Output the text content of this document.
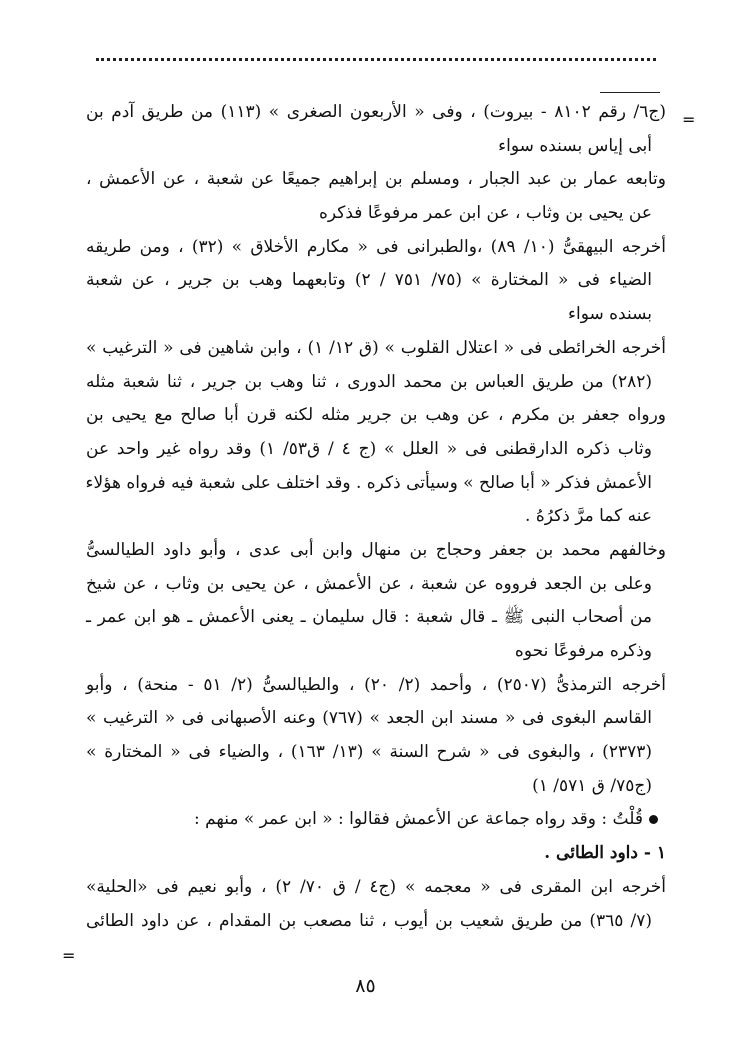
=
=
(ج٦/ رقم ٨١٠٢ - بيروت) ، وفى « الأربعون الصغرى » (١١٣) من طريق آدم بن
أبى إياس بسنده سواء
وتابعه عمار بن عبد الجبار ، ومسلم بن إبراهيم جميعًا عن شعبة ، عن الأعمش ،
عن يحيى بن وثاب ، عن ابن عمر مرفوعًا فذكره
أخرجه البيهقىُّ (١٠/ ٨٩) ،والطبرانى فى « مكارم الأخلاق » (٣٢) ، ومن طريقه
الضياء فى « المختارة » (٧٥/ ٧٥١ / ٢) وتابعهما وهب بن جرير ، عن شعبة
بسنده سواء
أخرجه الخرائطى فى « اعتلال القلوب » (ق ١٢/ ١) ، وابن شاهين فى « الترغيب »
(٢٨٢) من طريق العباس بن محمد الدورى ، ثنا وهب بن جرير ، ثنا شعبة مثله
ورواه جعفر بن مكرم ، عن وهب بن جرير مثله لكنه قرن أبا صالح مع يحيى بن
وثاب ذكره الدارقطنى فى « العلل » (ج ٤ / ق٥٣/ ١) وقد رواه غير واحد عن
الأعمش فذكر « أبا صالح » وسيأتى ذكره . وقد اختلف على شعبة فيه فرواه هؤلاء
عنه كما مرَّ ذكرُهُ .
وخالفهم محمد بن جعفر وحجاج بن منهال وابن أبى عدى ، وأبو داود الطيالسىُّ
وعلى بن الجعد فرووه عن شعبة ، عن الأعمش ، عن يحيى بن وثاب ، عن شيخ
من أصحاب النبى ﷺ ـ قال شعبة : قال سليمان ـ يعنى الأعمش ـ هو ابن عمر ـ
وذكره مرفوعًا نحوه
أخرجه الترمذىُّ (٢٥٠٧) ، وأحمد (٢/ ٢٠) ، والطيالسىُّ (٢/ ٥١ - منحة) ، وأبو
القاسم البغوى فى « مسند ابن الجعد » (٧٦٧) وعنه الأصبهانى فى « الترغيب »
(٢٣٧٣) ، والبغوى فى « شرح السنة » (١٣/ ١٦٣) ، والضياء فى « المختارة »
(ج٧٥/ ق ٥٧١/ ١)
قُلْتُ : وقد رواه جماعة عن الأعمش فقالوا : « ابن عمر » منهم :
١ - داود الطائى .
أخرجه ابن المقرى فى « معجمه » (ج٤ / ق ٧٠/ ٢) ، وأبو نعيم فى «الحلية»
(٧/ ٣٦٥) من طريق شعيب بن أيوب ، ثنا مصعب بن المقدام ، عن داود الطائى
٨٥
